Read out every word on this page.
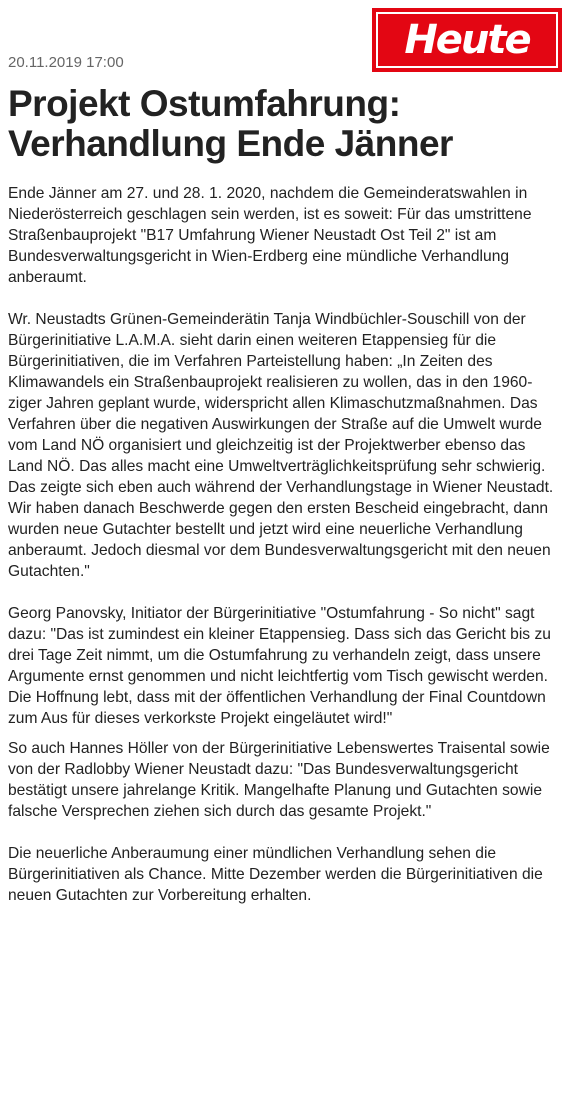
Heute
20.11.2019 17:00
Projekt Ostumfahrung:
Verhandlung Ende Jänner

Ende Jänner am 27. und 28. 1. 2020, nachdem die Gemeinderatswahlen in Niederösterreich geschlagen sein werden, ist es soweit: Für das umstrittene Straßenbauprojekt "B17 Umfahrung Wiener Neustadt Ost Teil 2" ist am Bundesverwaltungsgericht in Wien-Erdberg eine mündliche Verhandlung anberaumt.

Wr. Neustadts Grünen-Gemeinderätin Tanja Windbüchler-Souschill von der Bürgerinitiative L.A.M.A. sieht darin einen weiteren Etappensieg für die Bürgerinitiativen, die im Verfahren Parteistellung haben: „In Zeiten des Klimawandels ein Straßenbauprojekt realisieren zu wollen, das in den 1960-ziger Jahren geplant wurde, widerspricht allen Klimaschutzmaßnahmen. Das Verfahren über die negativen Auswirkungen der Straße auf die Umwelt wurde vom Land NÖ organisiert und gleichzeitig ist der Projektwerber ebenso das Land NÖ. Das alles macht eine Umweltverträglichkeitsprüfung sehr schwierig. Das zeigte sich eben auch während der Verhandlungstage in Wiener Neustadt. Wir haben danach Beschwerde gegen den ersten Bescheid eingebracht, dann wurden neue Gutachter bestellt und jetzt wird eine neuerliche Verhandlung anberaumt. Jedoch diesmal vor dem Bundesverwaltungsgericht mit den neuen Gutachten."

Georg Panovsky, Initiator der Bürgerinitiative "Ostumfahrung - So nicht" sagt dazu: "Das ist zumindest ein kleiner Etappensieg. Dass sich das Gericht bis zu drei Tage Zeit nimmt, um die Ostumfahrung zu verhandeln zeigt, dass unsere Argumente ernst genommen und nicht leichtfertig vom Tisch gewischt werden. Die Hoffnung lebt, dass mit der öffentlichen Verhandlung der Final Countdown zum Aus für dieses verkorkste Projekt eingeläutet wird!"

So auch Hannes Höller von der Bürgerinitiative Lebenswertes Traisental sowie von der Radlobby Wiener Neustadt dazu: "Das Bundesverwaltungsgericht bestätigt unsere jahrelange Kritik. Mangelhafte Planung und Gutachten sowie falsche Versprechen ziehen sich durch das gesamte Projekt."

Die neuerliche Anberaumung einer mündlichen Verhandlung sehen die Bürgerinitiativen als Chance. Mitte Dezember werden die Bürgerinitiativen die neuen Gutachten zur Vorbereitung erhalten.
